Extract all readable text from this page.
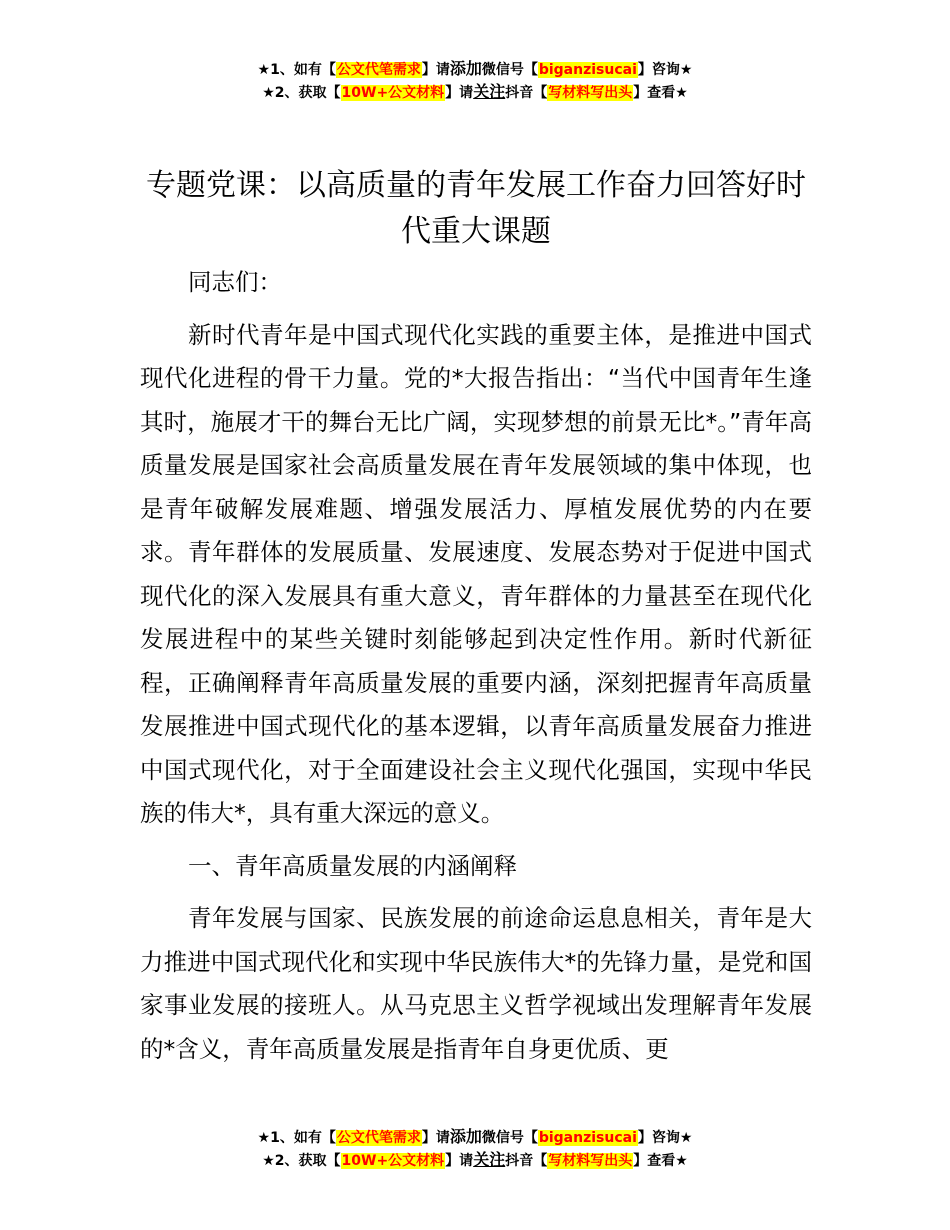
★1、如有【公文代笔需求】请添加微信号【biganzisucai】咨询★
★2、获取【10W+公文材料】请关注抖音【写材料写出头】查看★
专题党课：以高质量的青年发展工作奋力回答好时代重大课题

同志们：

新时代青年是中国式现代化实践的重要主体，是推进中国式现代化进程的骨干力量。党的*大报告指出：“当代中国青年生逢其时，施展才干的舞台无比广阔，实现梦想的前景无比*。”青年高质量发展是国家社会高质量发展在青年发展领域的集中体现，也是青年破解发展难题、增强发展活力、厚植发展优势的内在要求。青年群体的发展质量、发展速度、发展态势对于促进中国式现代化的深入发展具有重大意义，青年群体的力量甚至在现代化发展进程中的某些关键时刻能够起到决定性作用。新时代新征程，正确阐释青年高质量发展的重要内涵，深刻把握青年高质量发展推进中国式现代化的基本逻辑，以青年高质量发展奋力推进中国式现代化，对于全面建设社会主义现代化强国，实现中华民族的伟大*，具有重大深远的意义。

一、青年高质量发展的内涵阐释

青年发展与国家、民族发展的前途命运息息相关，青年是大力推进中国式现代化和实现中华民族伟大*的先锋力量，是党和国家事业发展的接班人。从马克思主义哲学视域出发理解青年发展的*含义，青年高质量发展是指青年自身更优质、更

★1、如有【公文代笔需求】请添加微信号【biganzisucai】咨询★
★2、获取【10W+公文材料】请关注抖音【写材料写出头】查看★
